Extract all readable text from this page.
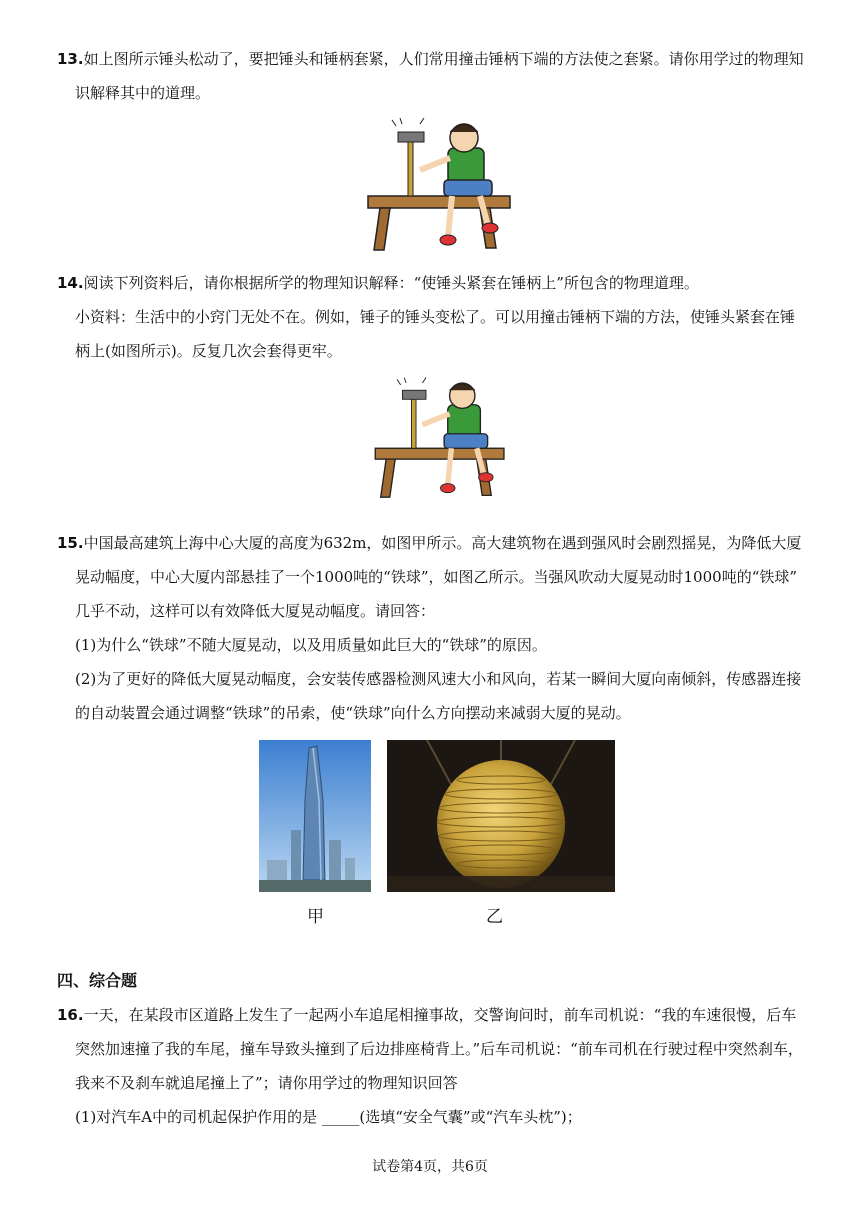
13.如上图所示锤头松动了，要把锤头和锤柄套紧，人们常用撞击锤柄下端的方法使之套紧。请你用学过的物理知
识解释其中的道理。
14.阅读下列资料后，请你根据所学的物理知识解释：“使锤头紧套在锤柄上”所包含的物理道理。
小资料：生活中的小窍门无处不在。例如，锤子的锤头变松了。可以用撞击锤柄下端的方法，使锤头紧套在锤
柄上(如图所示)。反复几次会套得更牢。
15.中国最高建筑上海中心大厦的高度为632m，如图甲所示。高大建筑物在遇到强风时会剧烈摇晃，为降低大厦
晃动幅度，中心大厦内部悬挂了一个1000吨的“铁球”，如图乙所示。当强风吹动大厦晃动时1000吨的“铁球”
几乎不动，这样可以有效降低大厦晃动幅度。请回答：
(1)为什么“铁球”不随大厦晃动，以及用质量如此巨大的“铁球”的原因。
(2)为了更好的降低大厦晃动幅度，会安装传感器检测风速大小和风向，若某一瞬间大厦向南倾斜，传感器连接
的自动装置会通过调整“铁球”的吊索，使“铁球”向什么方向摆动来减弱大厦的晃动。
甲	乙
四、综合题
16.一天，在某段市区道路上发生了一起两小车追尾相撞事故，交警询问时，前车司机说：“我的车速很慢，后车
突然加速撞了我的车尾，撞车导致头撞到了后边排座椅背上。”后车司机说：“前车司机在行驶过程中突然刹车，
我来不及刹车就追尾撞上了”；请你用学过的物理知识回答
(1)对汽车A中的司机起保护作用的是 _____(选填“安全气囊”或“汽车头枕”)；
试卷第4页，共6页
